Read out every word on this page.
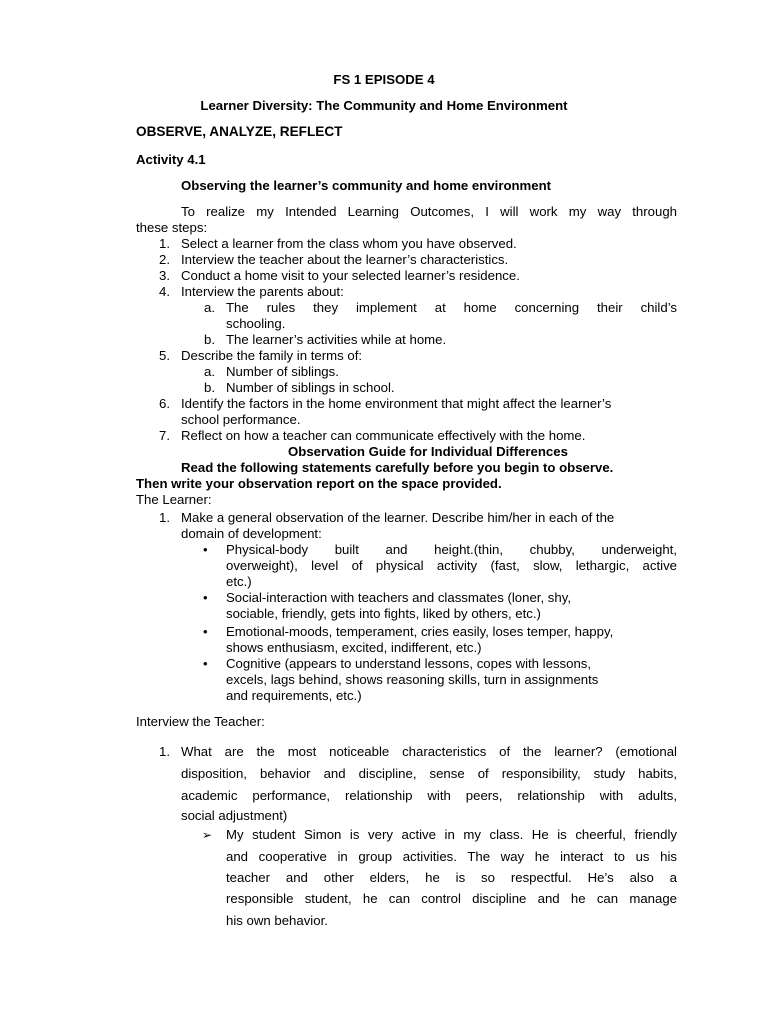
FS 1 EPISODE 4
Learner Diversity: The Community and Home Environment
OBSERVE, ANALYZE, REFLECT
Activity 4.1
Observing the learner’s community and home environment
To realize my Intended Learning Outcomes, I will work my way through
these steps:
1. Select a learner from the class whom you have observed.
2. Interview the teacher about the learner’s characteristics.
3. Conduct a home visit to your selected learner’s residence.
4. Interview the parents about:
a. The rules they implement at home concerning their child’s
schooling.
b. The learner’s activities while at home.
5. Describe the family in terms of:
a. Number of siblings.
b. Number of siblings in school.
6. Identify the factors in the home environment that might affect the learner’s
school performance.
7. Reflect on how a teacher can communicate effectively with the home.
Observation Guide for Individual Differences
Read the following statements carefully before you begin to observe.
Then write your observation report on the space provided.
The Learner:
1. Make a general observation of the learner. Describe him/her in each of the
domain of development:
• Physical-body built and height.(thin, chubby, underweight,
overweight), level of physical activity (fast, slow, lethargic, active
etc.)
• Social-interaction with teachers and classmates (loner, shy,
sociable, friendly, gets into fights, liked by others, etc.)
• Emotional-moods, temperament, cries easily, loses temper, happy,
shows enthusiasm, excited, indifferent, etc.)
• Cognitive (appears to understand lessons, copes with lessons,
excels, lags behind, shows reasoning skills, turn in assignments
and requirements, etc.)
Interview the Teacher:
1. What are the most noticeable characteristics of the learner? (emotional
disposition, behavior and discipline, sense of responsibility, study habits,
academic performance, relationship with peers, relationship with adults,
social adjustment)
➢ My student Simon is very active in my class. He is cheerful, friendly
and cooperative in group activities. The way he interact to us his
teacher and other elders, he is so respectful. He’s also a
responsible student, he can control discipline and he can manage
his own behavior.
